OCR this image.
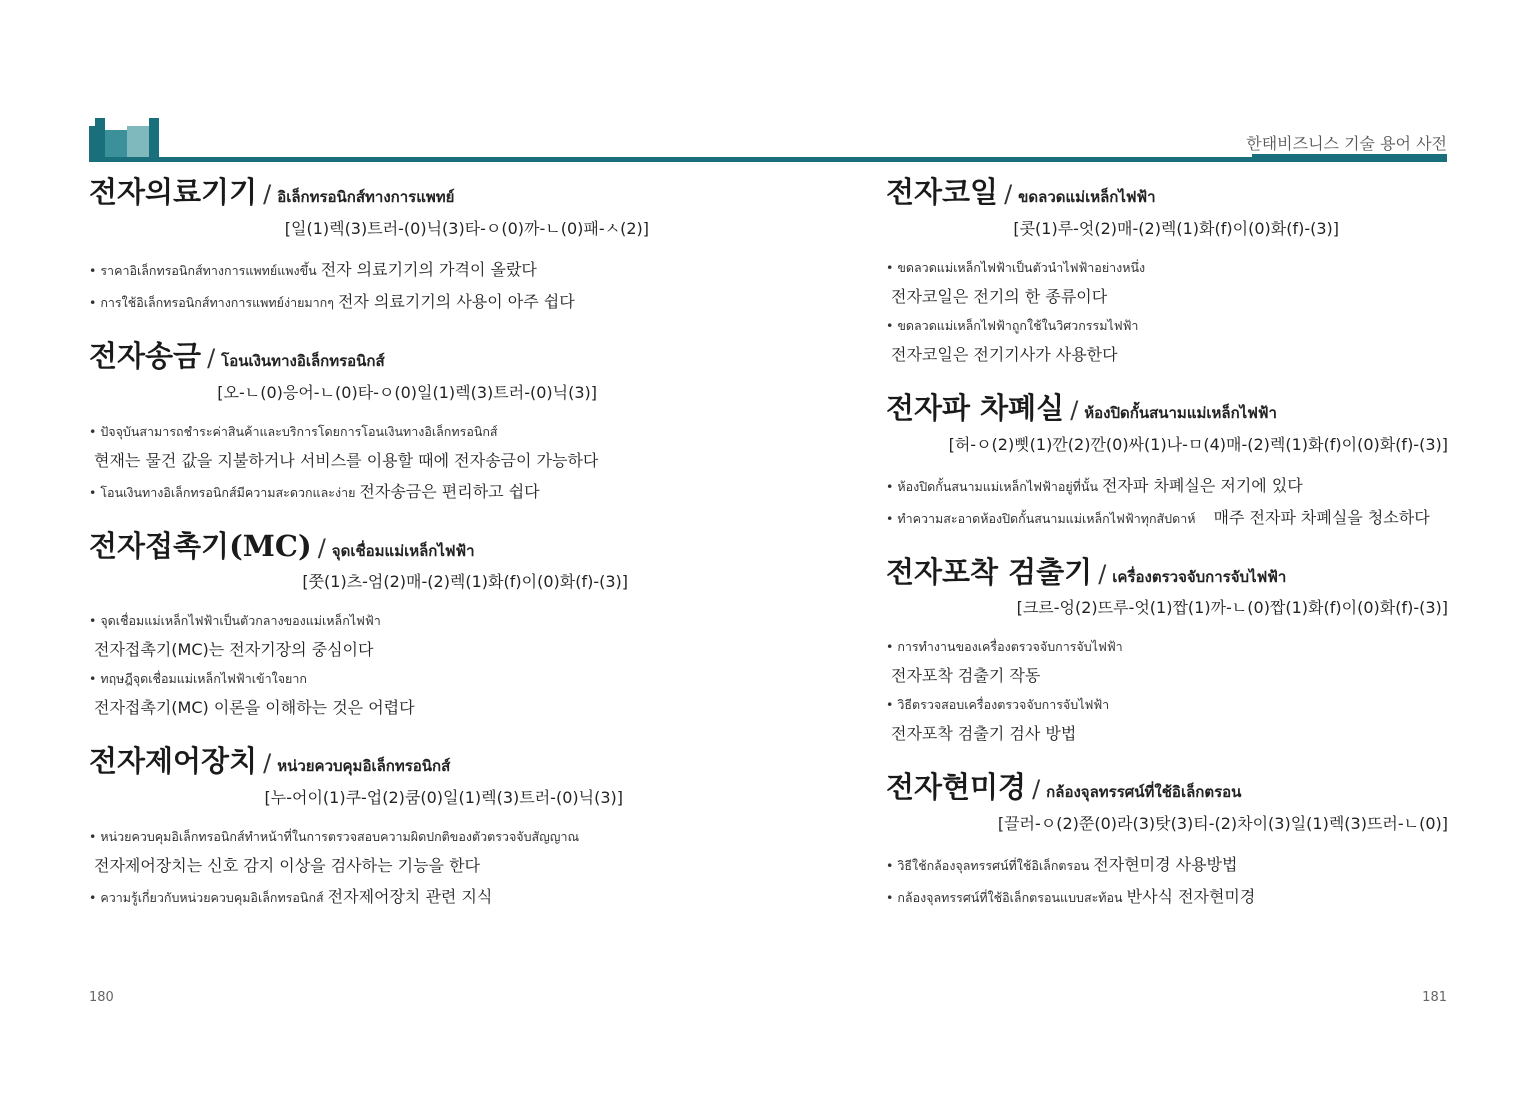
한태비즈니스 기술 용어 사전
전자의료기기 / อิเล็กทรอนิกส์ทางการแพทย์
[일(1)렉(3)트러-(0)닉(3)타-ㅇ(0)까-ㄴ(0)패-ㅅ(2)]
• ราคาอิเล็กทรอนิกส์ทางการแพทย์แพงขึ้น 전자 의료기기의 가격이 올랐다
• การใช้อิเล็กทรอนิกส์ทางการแพทย์ง่ายมากๆ 전자 의료기기의 사용이 아주 쉽다
전자송금 / โอนเงินทางอิเล็กทรอนิกส์
[오-ㄴ(0)응어-ㄴ(0)타-ㅇ(0)일(1)렉(3)트러-(0)닉(3)]
• ปัจจุบันสามารถชำระค่าสินค้าและบริการโดยการโอนเงินทางอิเล็กทรอนิกส์
현재는 물건 값을 지불하거나 서비스를 이용할 때에 전자송금이 가능하다
• โอนเงินทางอิเล็กทรอนิกส์มีความสะดวกและง่าย 전자송금은 편리하고 쉽다
전자접촉기(MC) / จุดเชื่อมแม่เหล็กไฟฟ้า
[쭛(1)츠-엄(2)매-(2)렉(1)화(f)이(0)화(f)-(3)]
• จุดเชื่อมแม่เหล็กไฟฟ้าเป็นตัวกลางของแม่เหล็กไฟฟ้า
전자접촉기(MC)는 전자기장의 중심이다
• ทฤษฎีจุดเชื่อมแม่เหล็กไฟฟ้าเข้าใจยาก
전자접촉기(MC) 이론을 이해하는 것은 어렵다
전자제어장치 / หน่วยควบคุมอิเล็กทรอนิกส์
[누-어이(1)쿠-업(2)쿰(0)일(1)렉(3)트러-(0)닉(3)]
• หน่วยควบคุมอิเล็กทรอนิกส์ทำหน้าที่ในการตรวจสอบความผิดปกติของตัวตรวจจับสัญญาณ
전자제어장치는 신호 감지 이상을 검사하는 기능을 한다
• ความรู้เกี่ยวกับหน่วยควบคุมอิเล็กทรอนิกส์ 전자제어장치 관련 지식
전자코일 / ขดลวดแม่เหล็กไฟฟ้า
[콧(1)루-엇(2)매-(2)렉(1)화(f)이(0)화(f)-(3)]
• ขดลวดแม่เหล็กไฟฟ้าเป็นตัวนำไฟฟ้าอย่างหนึ่ง
전자코일은 전기의 한 종류이다
• ขดลวดแม่เหล็กไฟฟ้าถูกใช้ในวิศวกรรมไฟฟ้า
전자코일은 전기기사가 사용한다
전자파 차폐실 / ห้องปิดกั้นสนามแม่เหล็กไฟฟ้า
[허-ㅇ(2)삣(1)깐(2)깐(0)싸(1)나-ㅁ(4)매-(2)렉(1)화(f)이(0)화(f)-(3)]
• ห้องปิดกั้นสนามแม่เหล็กไฟฟ้าอยู่ที่นั้น 전자파 차폐실은 저기에 있다
• ทำความสะอาดห้องปิดกั้นสนามแม่เหล็กไฟฟ้าทุกสัปดาห์ 매주 전자파 차폐실을 청소하다
전자포착 검출기 / เครื่องตรวจจับการจับไฟฟ้า
[크르-엉(2)뜨루-엇(1)짭(1)까-ㄴ(0)짭(1)화(f)이(0)화(f)-(3)]
• การทำงานของเครื่องตรวจจับการจับไฟฟ้า
전자포착 검출기 작동
• วิธีตรวจสอบเครื่องตรวจจับการจับไฟฟ้า
전자포착 검출기 검사 방법
전자현미경 / กล้องจุลทรรศน์ที่ใช้อิเล็กตรอน
[끌러-ㅇ(2)쭌(0)라(3)탓(3)티-(2)차이(3)일(1)렉(3)뜨러-ㄴ(0)]
• วิธีใช้กล้องจุลทรรศน์ที่ใช้อิเล็กตรอน 전자현미경 사용방법
• กล้องจุลทรรศน์ที่ใช้อิเล็กตรอนแบบสะท้อน 반사식 전자현미경
180	181
